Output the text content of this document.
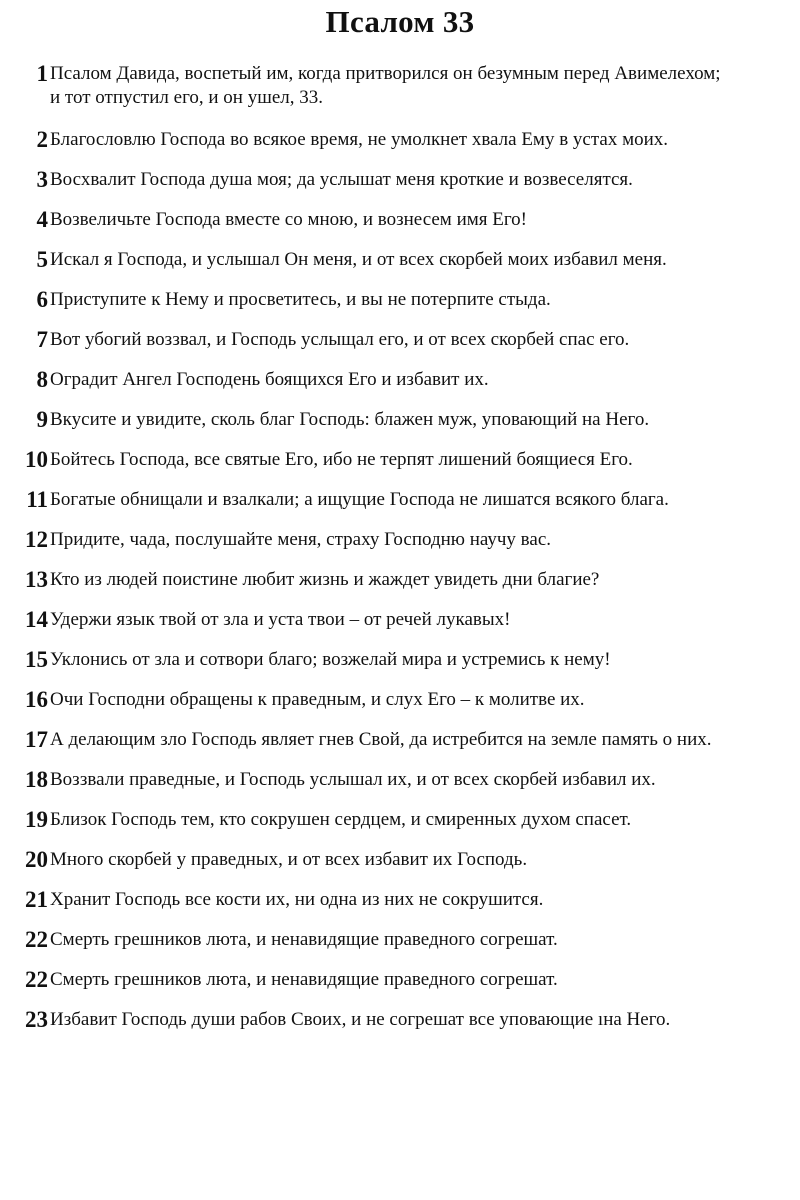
Псалом 33
1 Псалом Давида, воспетый им, когда притворился он безумным перед Авимелехом;
и тот отпустил его, и он ушел, 33.
2 Благословлю Господа во всякое время, не умолкнет хвала Ему в устах моих.
3 Восхвалит Господа душа моя; да услышат меня кроткие и возвеселятся.
4 Возвеличьте Господа вместе со мною, и вознесем имя Его!
5 Искал я Господа, и услышал Он меня, и от всех скорбей моих избавил меня.
6 Приступите к Нему и просветитесь, и вы не потерпите стыда.
7 Вот убогий воззвал, и Господь услыщал его, и от всех скорбей спас его.
8 Оградит Ангел Господень боящихся Его и избавит их.
9 Вкусите и увидите, сколь благ Господь: блажен муж, уповающий на Него.
10 Бойтесь Господа, все святые Его, ибо не терпят лишений боящиеся Его.
11 Богатые обнищали и взалкали; а ищущие Господа не лишатся всякого блага.
12 Придите, чада, послушайте меня, страху Господню научу вас.
13 Кто из людей поистине любит жизнь и жаждет увидеть дни благие?
14 Удержи язык твой от зла и уста твои – от речей лукавых!
15 Уклонись от зла и сотвори благо; возжелай мира и устремись к нему!
16 Очи Господни обращены к праведным, и слух Его – к молитве их.
17 А делающим зло Господь являет гнев Свой, да истребится на земле память о них.
18 Воззвали праведные, и Господь услышал их, и от всех скорбей избавил их.
19 Близок Господь тем, кто сокрушен сердцем, и смиренных духом спасет.
20 Много скорбей у праведных, и от всех избавит их Господь.
21 Хранит Господь все кости их, ни одна из них не сокрушится.
22 Смерть грешников люта, и ненавидящие праведного согрешат.
22 Смерть грешников люта, и ненавидящие праведного согрешат.
23 Избавит Господь души рабов Своих, и не согрешат все уповающие ıна Него.
